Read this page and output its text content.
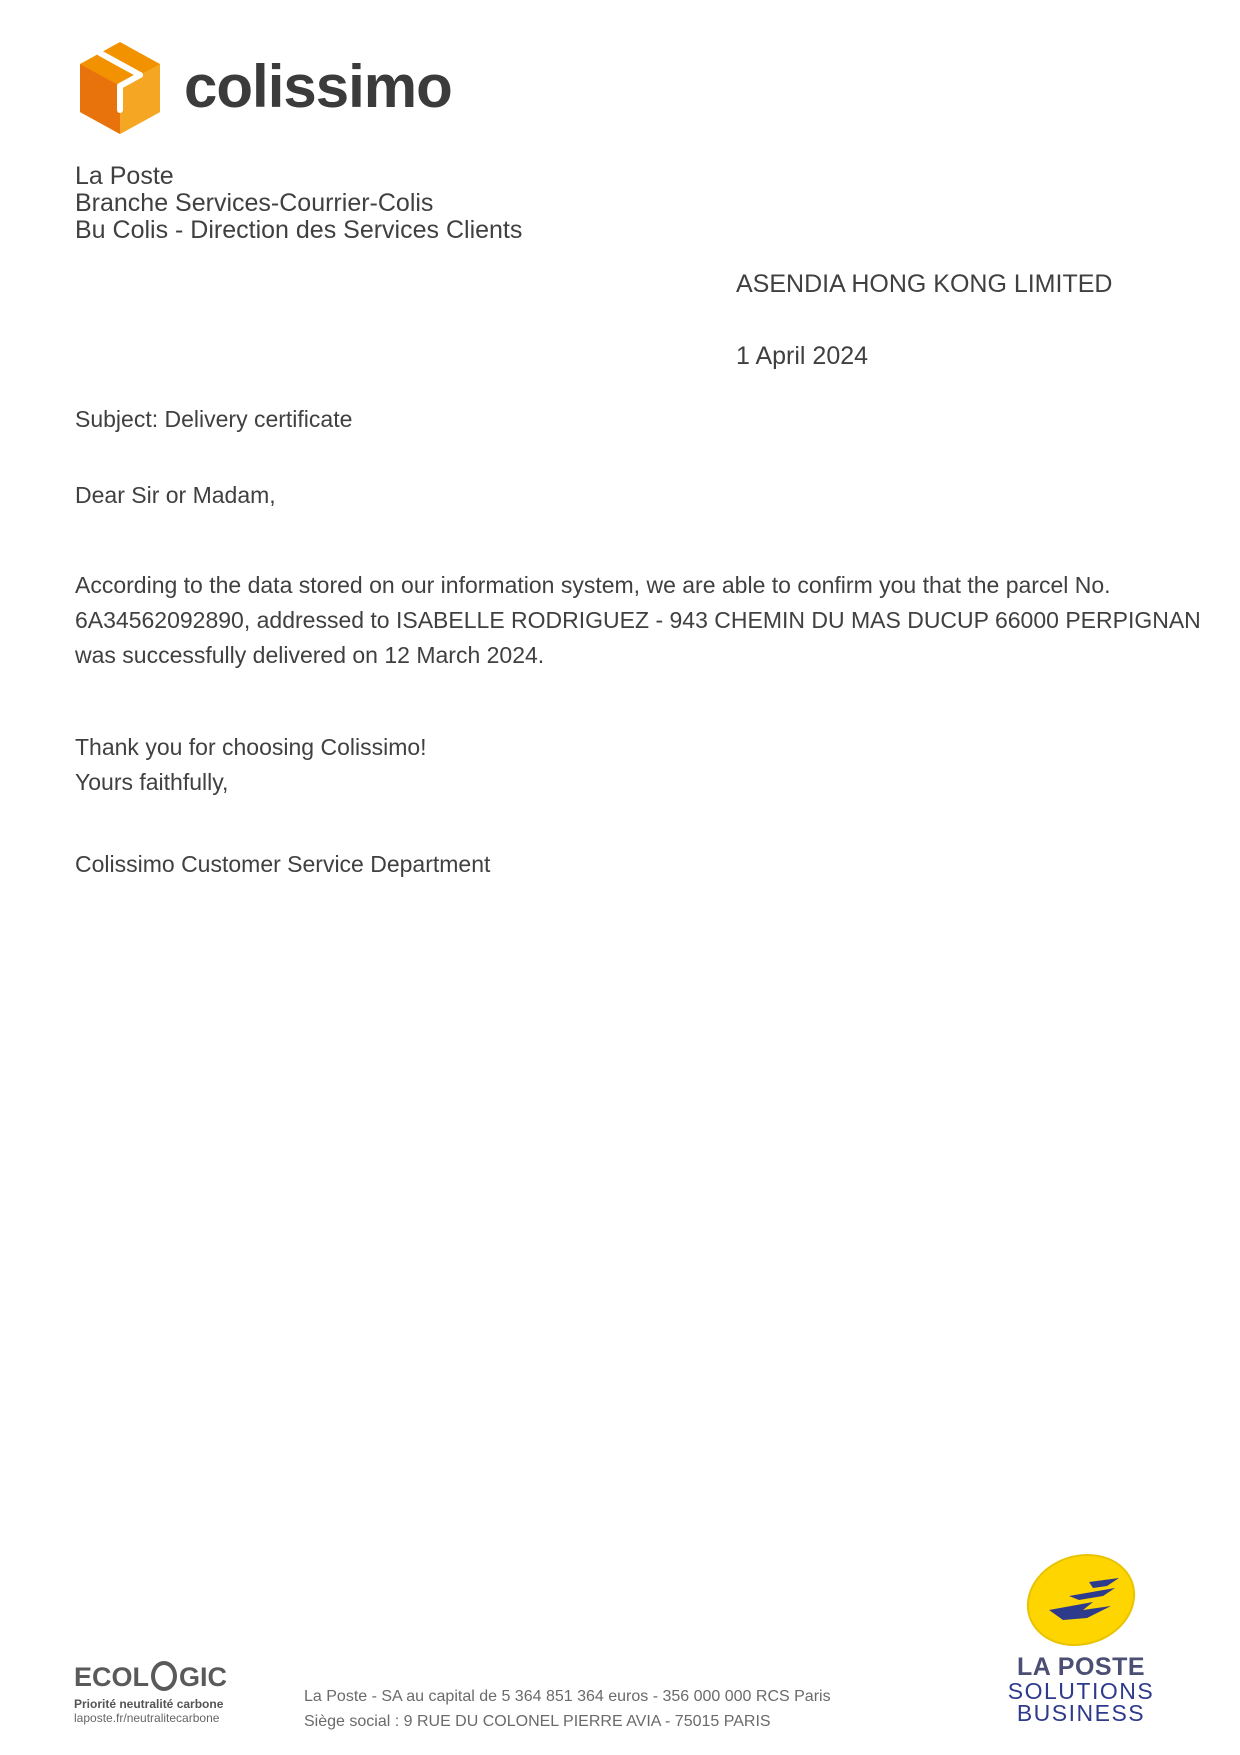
colissimo
La Poste
Branche Services-Courrier-Colis
Bu Colis - Direction des Services Clients
ASENDIA HONG KONG LIMITED
1 April 2024
Subject: Delivery certificate
Dear Sir or Madam,
According to the data stored on our information system, we are able to confirm you that the parcel No.
6A34562092890, addressed to ISABELLE RODRIGUEZ - 943 CHEMIN DU MAS DUCUP 66000 PERPIGNAN
was successfully delivered on 12 March 2024.
Thank you for choosing Colissimo!
Yours faithfully,
Colissimo Customer Service Department
ECOL GIC
Priorité neutralité carbone
laposte.fr/neutralitecarbone
La Poste - SA au capital de 5 364 851 364 euros - 356 000 000 RCS Paris
Siège social : 9 RUE DU COLONEL PIERRE AVIA - 75015 PARIS
LA POSTE
SOLUTIONS
BUSINESS
